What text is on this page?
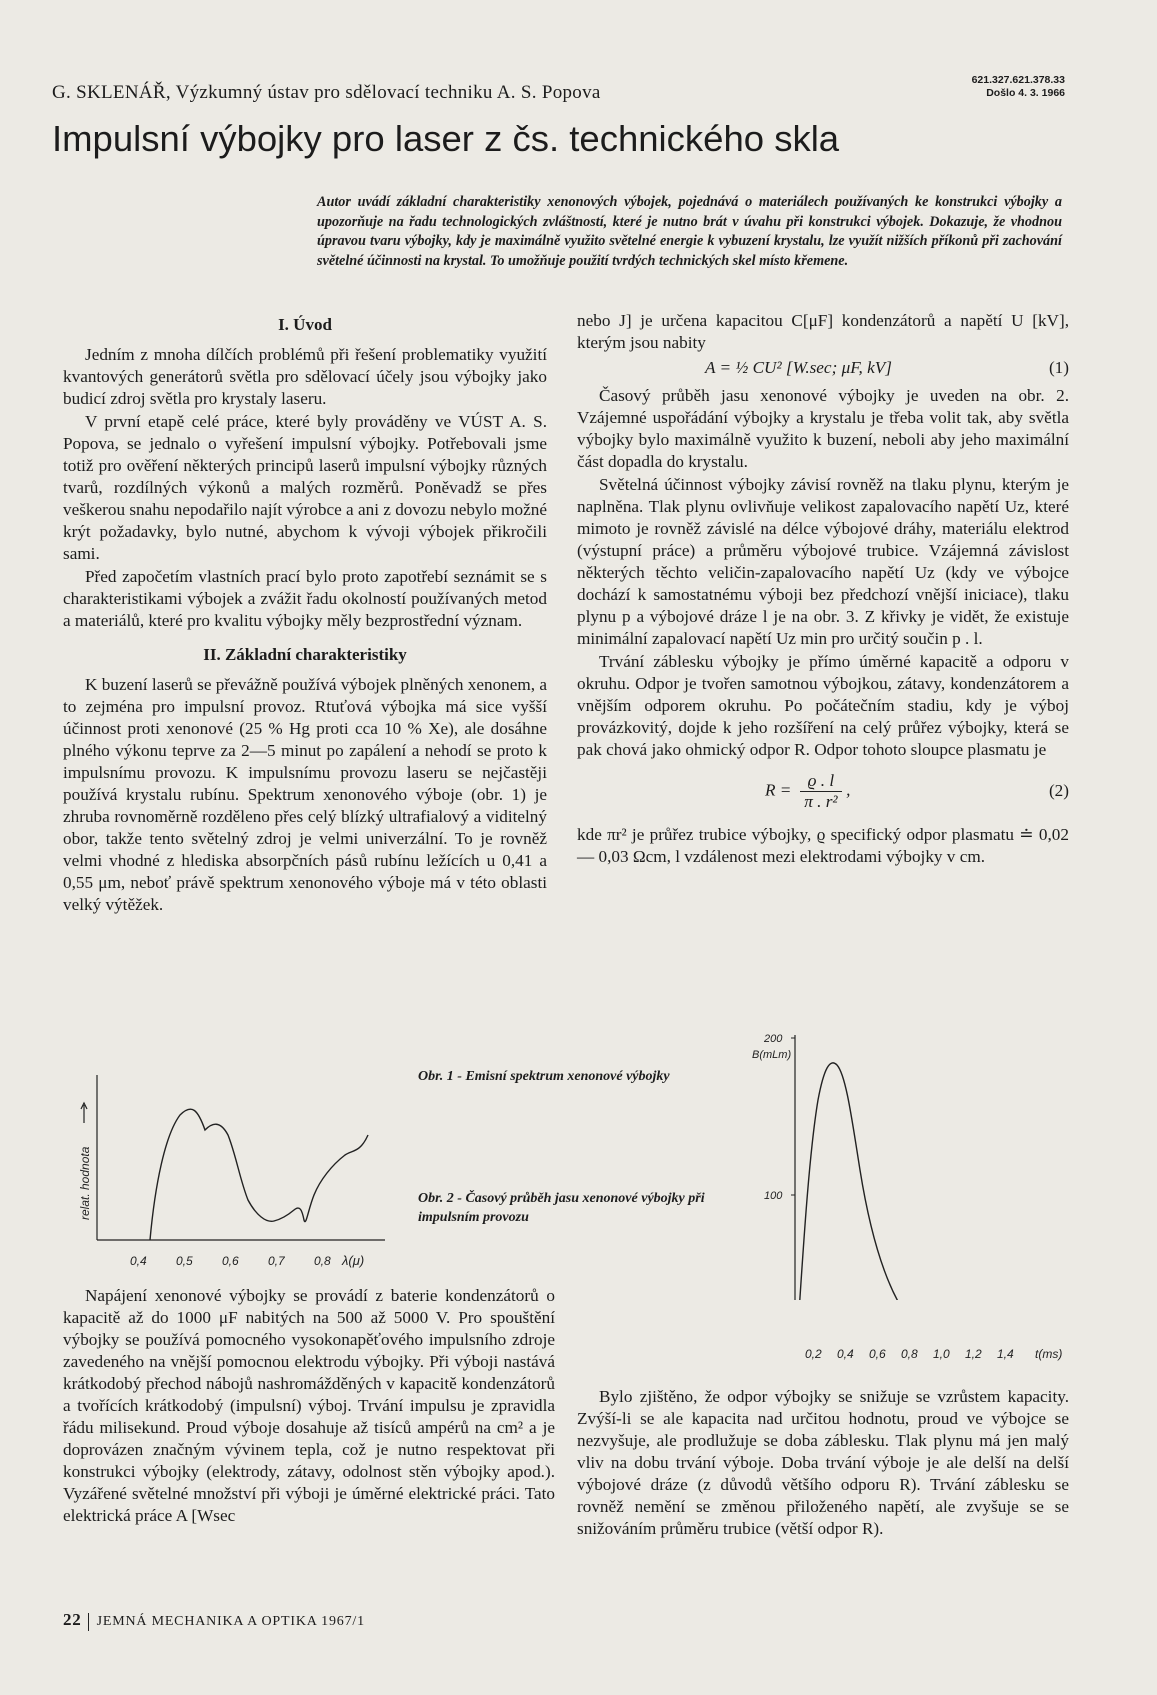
G. SKLENÁŘ, Výzkumný ústav pro sdělovací techniku A. S. Popova
621.327.621.378.33
Došlo 4. 3. 1966
Impulsní výbojky pro laser z čs. technického skla
Autor uvádí základní charakteristiky xenonových výbojek, pojednává o materiálech používaných ke konstrukci výbojky a upozorňuje na řadu technologických zvláštností, které je nutno brát v úvahu při konstrukci výbojek. Dokazuje, že vhodnou úpravou tvaru výbojky, kdy je maximálně využito světelné energie k vybuzení krystalu, lze využít nižších příkonů při zachování světelné účinnosti na krystal. To umožňuje použití tvrdých technických skel místo křemene.
I. Úvod

Jedním z mnoha dílčích problémů při řešení problematiky využití kvantových generátorů světla pro sdělovací účely jsou výbojky jako budicí zdroj světla pro krystaly laseru.

V první etapě celé práce, které byly prováděny ve VÚST A. S. Popova, se jednalo o vyřešení impulsní výbojky. Potřebovali jsme totiž pro ověření některých principů laserů impulsní výbojky různých tvarů, rozdílných výkonů a malých rozměrů. Poněvadž se přes veškerou snahu nepodařilo najít výrobce a ani z dovozu nebylo možné krýt požadavky, bylo nutné, abychom k vývoji výbojek přikročili sami.

Před započetím vlastních prací bylo proto zapotřebí seznámit se s charakteristikami výbojek a zvážit řadu okolností používaných metod a materiálů, které pro kvalitu výbojky měly bezprostřední význam.

II. Základní charakteristiky

K buzení laserů se převážně používá výbojek plněných xenonem, a to zejména pro impulsní provoz. Rtuťová výbojka má sice vyšší účinnost proti xenonové (25 % Hg proti cca 10 % Xe), ale dosáhne plného výkonu teprve za 2—5 minut po zapálení a nehodí se proto k impulsnímu provozu. K impulsnímu provozu laseru se nejčastěji používá krystalu rubínu. Spektrum xenonového výboje (obr. 1) je zhruba rovnoměrně rozděleno přes celý blízký ultrafialový a viditelný obor, takže tento světelný zdroj je velmi univerzální. To je rovněž velmi vhodné z hlediska absorpčních pásů rubínu ležících u 0,41 a 0,55 μm, neboť právě spektrum xenonového výboje má v této oblasti velký výtěžek.

nebo J] je určena kapacitou C[μF] kondenzátorů a napětí U [kV], kterým jsou nabity

A = ½ CU² [W.sec; μF, kV]	(1)

Časový průběh jasu xenonové výbojky je uveden na obr. 2. Vzájemné uspořádání výbojky a krystalu je třeba volit tak, aby světla výbojky bylo maximálně využito k buzení, neboli aby jeho maximální část dopadla do krystalu.

Světelná účinnost výbojky závisí rovněž na tlaku plynu, kterým je naplněna. Tlak plynu ovlivňuje velikost zapalovacího napětí Uz, které mimoto je rovněž závislé na délce výbojové dráhy, materiálu elektrod (výstupní práce) a průměru výbojové trubice. Vzájemná závislost některých těchto veličin-zapalovacího napětí Uz (kdy ve výbojce dochází k samostatnému výboji bez předchozí vnější iniciace), tlaku plynu p a výbojové dráze l je na obr. 3. Z křivky je vidět, že existuje minimální zapalovací napětí Uz min pro určitý součin p . l.

Trvání záblesku výbojky je přímo úměrné kapacitě a odporu v okruhu. Odpor je tvořen samotnou výbojkou, zátavy, kondenzátorem a vnějším odporem okruhu. Po počátečním stadiu, kdy je výboj provázkovitý, dojde k jeho rozšíření na celý průřez výbojky, která se pak chová jako ohmický odpor R. Odpor tohoto sloupce plasmatu je

$R = \frac{ϱ . l}{\text{π . r²}}$ ,	(2)

kde πr² je průřez trubice výbojky, ϱ specifický odpor plasmatu ≐ 0,02 — 0,03 Ωcm, l vzdálenost mezi elektrodami výbojky v cm.

relat. hodnota
0,4 0,5 0,6 0,7 0,8 λ(μ)
Obr. 1 - Emisní spektrum xenonové výbojky
200
100
B(mLm)
0,2 0,4 0,6 0,8 1,0 1,2 1,4 t(ms)
Obr. 2 - Časový průběh jasu xenonové výbojky při impulsním provozu

Napájení xenonové výbojky se provádí z baterie kondenzátorů o kapacitě až do 1000 μF nabitých na 500 až 5000 V. Pro spouštění výbojky se používá pomocného vysokonapěťového impulsního zdroje zavedeného na vnější pomocnou elektrodu výbojky. Při výboji nastává krátkodobý přechod nábojů nashromážděných v kapacitě kondenzátorů a tvořících krátkodobý (impulsní) výboj. Trvání impulsu je zpravidla řádu milisekund. Proud výboje dosahuje až tisíců ampérů na cm² a je doprovázen značným vývinem tepla, což je nutno respektovat při konstrukci výbojky (elektrody, zátavy, odolnost stěn výbojky apod.). Vyzářené světelné množství při výboji je úměrné elektrické práci. Tato elektrická práce A [Wsec

Bylo zjištěno, že odpor výbojky se snižuje se vzrůstem kapacity. Zvýší-li se ale kapacita nad určitou hodnotu, proud ve výbojce se nezvyšuje, ale prodlužuje se doba záblesku. Tlak plynu má jen malý vliv na dobu trvání výboje. Doba trvání výboje je ale delší na delší výbojové dráze (z důvodů většího odporu R). Trvání záblesku se rovněž nemění se změnou přiloženého napětí, ale zvyšuje se se snižováním průměru trubice (větší odpor R).

22 JEMNÁ MECHANIKA A OPTIKA 1967/1
